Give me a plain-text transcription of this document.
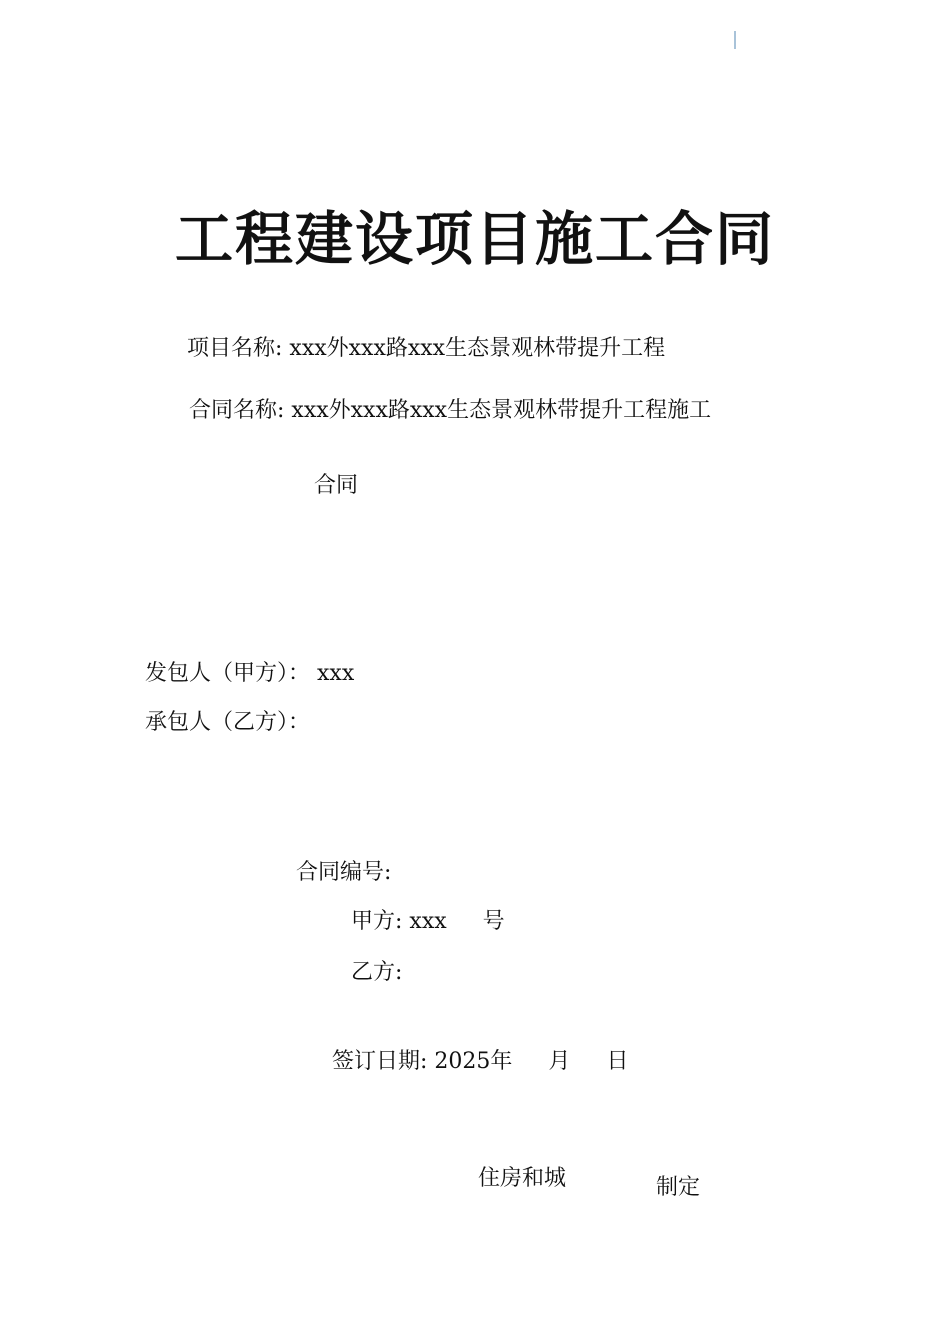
工程建设项目施工合同
项目名称: xxx外xxx路xxx生态景观林带提升工程
合同名称: xxx外xxx路xxx生态景观林带提升工程施工
合同
发包人（甲方）： xxx
承包人（乙方）：
合同编号:
甲方: xxx 号
乙方:
签订日期: 2025年 月 日
住房和城	制定
